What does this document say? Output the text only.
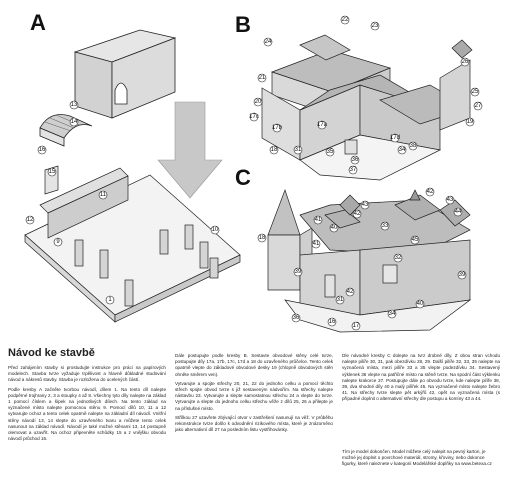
A	B
C
14
13
16
15
11
9
12
10
1
22
23
24
21
26
17c
20
17b	17a
25
19
27
17d
18
38
35
36
37
31	34
18
41
40
42
43
42
43
44
33
32
39
41
45
42
31
36
16
17
34
40
39
Návod ke stavbě

Před zahájením stavby si prostudujte instrukce pro práci na papírových modelech. Stavba tvrze vyžaduje trpělivost a hlavně důkladné studování návod a nákresů stavby. Stavba je rozložena do ucelených částí.

Podle kresby A začněte tvorbou návodí, dílem 1. Na tento díl nalepte podpěrné trojhrany 2, 3 a stoupky 4 až 8. Všechny tyto díly nalepte na základ 1 pomocí číslem a šipek na jednotlivých dílech. Na tento základ na vyznačené místo nalepte pomocnou stěnu 9. Pomocí dílů 10, 11 a 12 vytvarujte ochoz a tento celek opatrně nalepte na základní díl návodí. Vnitřní stěny návodí 13, 14 slepte do uzavřeného tvaru a můžete tento celek nasunout na základ návodí. Návodí je také možné stěnami 13, 14 postupně olemovat a uzavřít. Na ochoz připevněte schůdky 15 a z vnějšku obvodu návodí průchod 16.

Dále postupujte podle kresby B. Sestavte obvodové stěny celé tvrze, postupujte díly 17a, 17b, 17c, 17d a 18 do uzavřeného průčelce. Tento celek opatrně vlepte do základové obvodové desky 19 (chlopně obvodových stěn ohněte směrem ven).

Vytvarujte a spojte střechy 20, 21, 22 do jednoho celku a pomocí těchto střech spojte obvod tvrze s již sestaveným nádvořím. Na střechy nalepte nástavbu 23. Vytvarujte a slepte samostatnou střechu 24 a vlepte do tvrze. Vytvarujte a slepte do jednoho celku střechu věže z dílů 25, 26 a přilepte je na příslušné místo.

Střílkou 27 uzavřete zbývající otvor v zastřešení nasunují na věž. V průběhu rekonstrukce tvrze došlo k odvodnění rizikového místa, které je znázorněno jako alternativní díl 27 na posledním listu vystřihovánky.

Dle návodné kresby C dolepte na tvrz drobné díly. Z obou stran vchodu nalepte pilíře 30, 31, pak obezdívku 28, 29. Další pilíře 32, 33, 35 nalepte na vyznačená místa, mezi pilíře 33 a 35 vlepte podezdívku 34. Sestavený výklenek 36 vlepte na patřičné místo na stěně tvrze. Na spodní část výklenku nalepte krakorce 37. Postupujte dále po obvodu tvrze, kde nalepte pilíře 38, 39, dva shodné díly 40 a malý pilířek 45. Na vyznačené místo nalepte žebro 41. Na střechy tvrze slepte pět arkýřů 42, opět na vyznačená místa (s případné doplnit o alternativní střechy dle postupu a komíny 43 a 44.

Tím je model dokončen. Model můžete celý nalepit na pevný karton, je možné jej doplnit o povrchové materiál, stromy, křoviny, nebo dokonce figurky, které naleznete v kategorii Modelářské doplňky na www.betexa.cz
